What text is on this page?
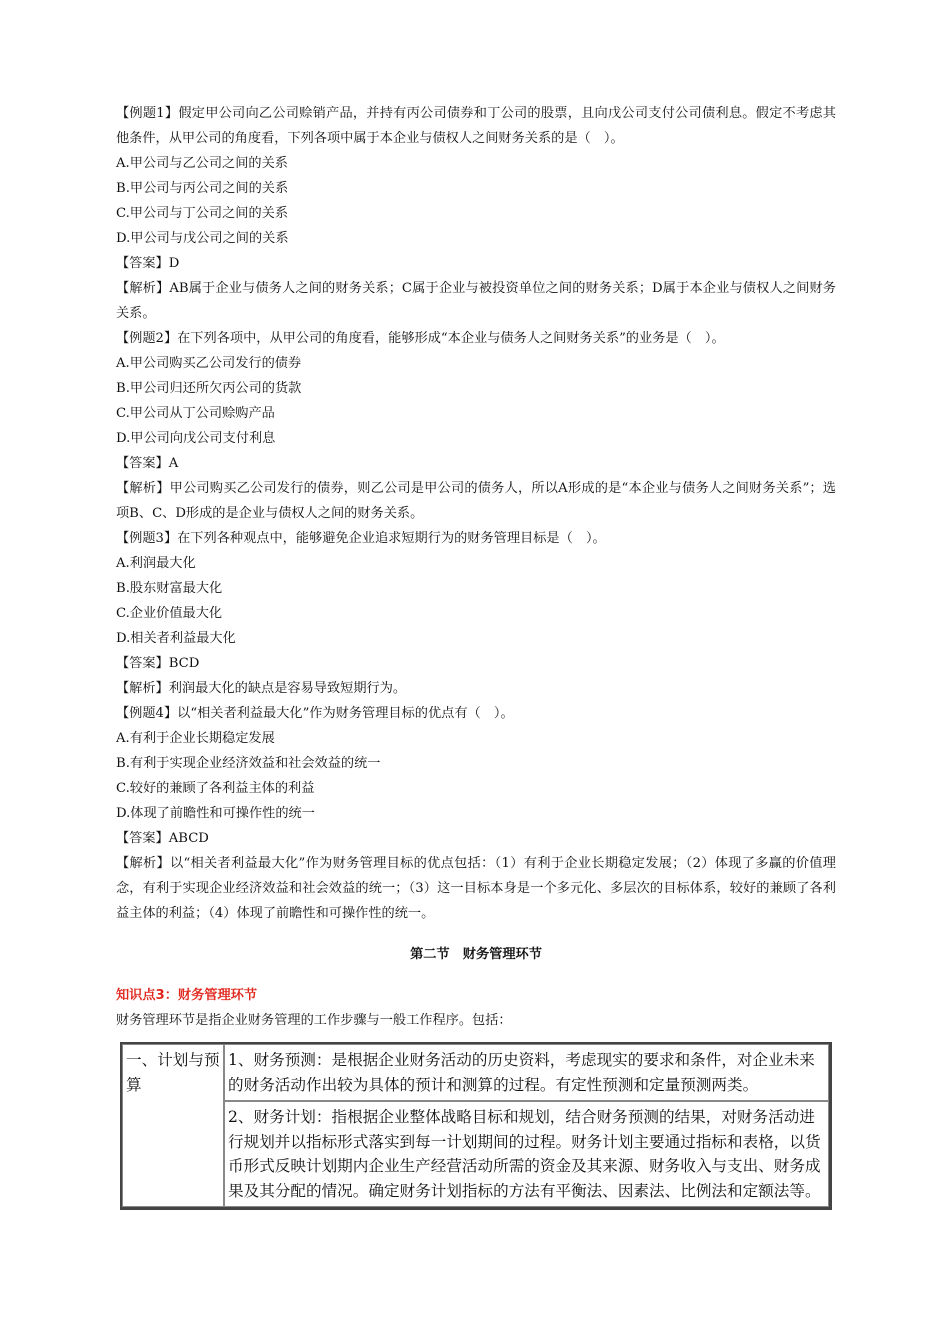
【例题1】假定甲公司向乙公司赊销产品，并持有丙公司债券和丁公司的股票，且向戊公司支付公司债利息。假定不考虑其他条件，从甲公司的角度看，下列各项中属于本企业与债权人之间财务关系的是（　）。
A.甲公司与乙公司之间的关系
B.甲公司与丙公司之间的关系
C.甲公司与丁公司之间的关系
D.甲公司与戊公司之间的关系
【答案】D
【解析】AB属于企业与债务人之间的财务关系；C属于企业与被投资单位之间的财务关系；D属于本企业与债权人之间财务关系。
【例题2】在下列各项中，从甲公司的角度看，能够形成“本企业与债务人之间财务关系”的业务是（　）。
A.甲公司购买乙公司发行的债券
B.甲公司归还所欠丙公司的货款
C.甲公司从丁公司赊购产品
D.甲公司向戊公司支付利息
【答案】A
【解析】甲公司购买乙公司发行的债券，则乙公司是甲公司的债务人，所以A形成的是“本企业与债务人之间财务关系”；选项B、C、D形成的是企业与债权人之间的财务关系。
【例题3】在下列各种观点中，能够避免企业追求短期行为的财务管理目标是（　）。
A.利润最大化
B.股东财富最大化
C.企业价值最大化
D.相关者利益最大化
【答案】BCD
【解析】利润最大化的缺点是容易导致短期行为。
【例题4】以“相关者利益最大化”作为财务管理目标的优点有（　）。
A.有利于企业长期稳定发展
B.有利于实现企业经济效益和社会效益的统一
C.较好的兼顾了各利益主体的利益
D.体现了前瞻性和可操作性的统一
【答案】ABCD
【解析】以“相关者利益最大化”作为财务管理目标的优点包括：（1）有利于企业长期稳定发展；（2）体现了多赢的价值理念，有利于实现企业经济效益和社会效益的统一；（3）这一目标本身是一个多元化、多层次的目标体系，较好的兼顾了各利益主体的利益；（4）体现了前瞻性和可操作性的统一。
第二节　财务管理环节
知识点3：财务管理环节
财务管理环节是指企业财务管理的工作步骤与一般工作程序。包括：
一、计划与预算	1、财务预测：是根据企业财务活动的历史资料，考虑现实的要求和条件，对企业未来的财务活动作出较为具体的预计和测算的过程。有定性预测和定量预测两类。
2、财务计划：指根据企业整体战略目标和规划，结合财务预测的结果，对财务活动进行规划并以指标形式落实到每一计划期间的过程。财务计划主要通过指标和表格，以货币形式反映计划期内企业生产经营活动所需的资金及其来源、财务收入与支出、财务成果及其分配的情况。确定财务计划指标的方法有平衡法、因素法、比例法和定额法等。
